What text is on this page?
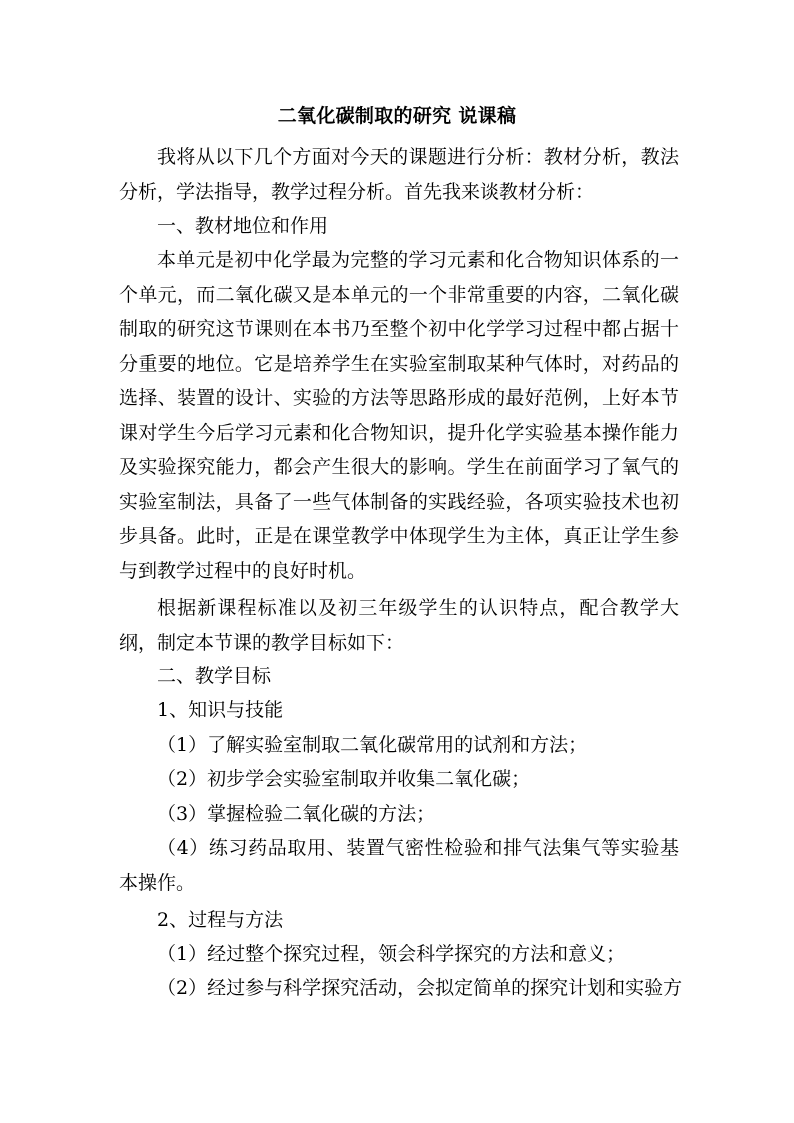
二氧化碳制取的研究 说课稿

我将从以下几个方面对今天的课题进行分析：教材分析，教法分析，学法指导，教学过程分析。首先我来谈教材分析：

一、教材地位和作用

本单元是初中化学最为完整的学习元素和化合物知识体系的一个单元，而二氧化碳又是本单元的一个非常重要的内容，二氧化碳制取的研究这节课则在本书乃至整个初中化学学习过程中都占据十分重要的地位。它是培养学生在实验室制取某种气体时，对药品的选择、装置的设计、实验的方法等思路形成的最好范例，上好本节课对学生今后学习元素和化合物知识，提升化学实验基本操作能力及实验探究能力，都会产生很大的影响。学生在前面学习了氧气的实验室制法，具备了一些气体制备的实践经验，各项实验技术也初步具备。此时，正是在课堂教学中体现学生为主体，真正让学生参与到教学过程中的良好时机。

根据新课程标准以及初三年级学生的认识特点，配合教学大纲，制定本节课的教学目标如下：

二、教学目标

1、知识与技能

（1）了解实验室制取二氧化碳常用的试剂和方法；

（2）初步学会实验室制取并收集二氧化碳；

（3）掌握检验二氧化碳的方法；

（4）练习药品取用、装置气密性检验和排气法集气等实验基本操作。

2、过程与方法

（1）经过整个探究过程，领会科学探究的方法和意义；

（2）经过参与科学探究活动，会拟定简单的探究计划和实验方
